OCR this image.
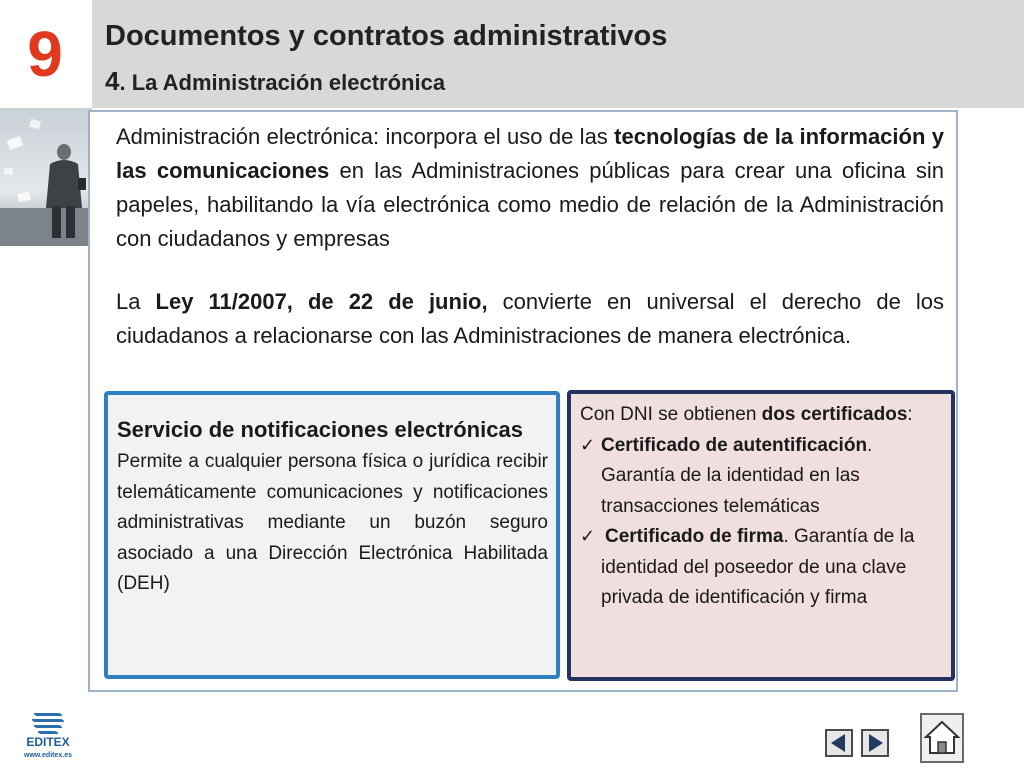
9 Documentos y contratos administrativos
4. La Administración electrónica
Administración electrónica: incorpora el uso de las tecnologías de la información y las comunicaciones en las Administraciones públicas para crear una oficina sin papeles, habilitando la vía electrónica como medio de relación de la Administración con ciudadanos y empresas
La Ley 11/2007, de 22 de junio, convierte en universal el derecho de los ciudadanos a relacionarse con las Administraciones de manera electrónica.
Servicio de notificaciones electrónicas

Permite a cualquier persona física o jurídica recibir telemáticamente comunicaciones y notificaciones administrativas mediante un buzón seguro asociado a una Dirección Electrónica Habilitada (DEH)

Con DNI se obtienen dos certificados:
✓ Certificado de autentificación. Garantía de la identidad en las transacciones telemáticas
✓ Certificado de firma. Garantía de la identidad del poseedor de una clave privada de identificación y firma
EDITEX
www.editex.es
